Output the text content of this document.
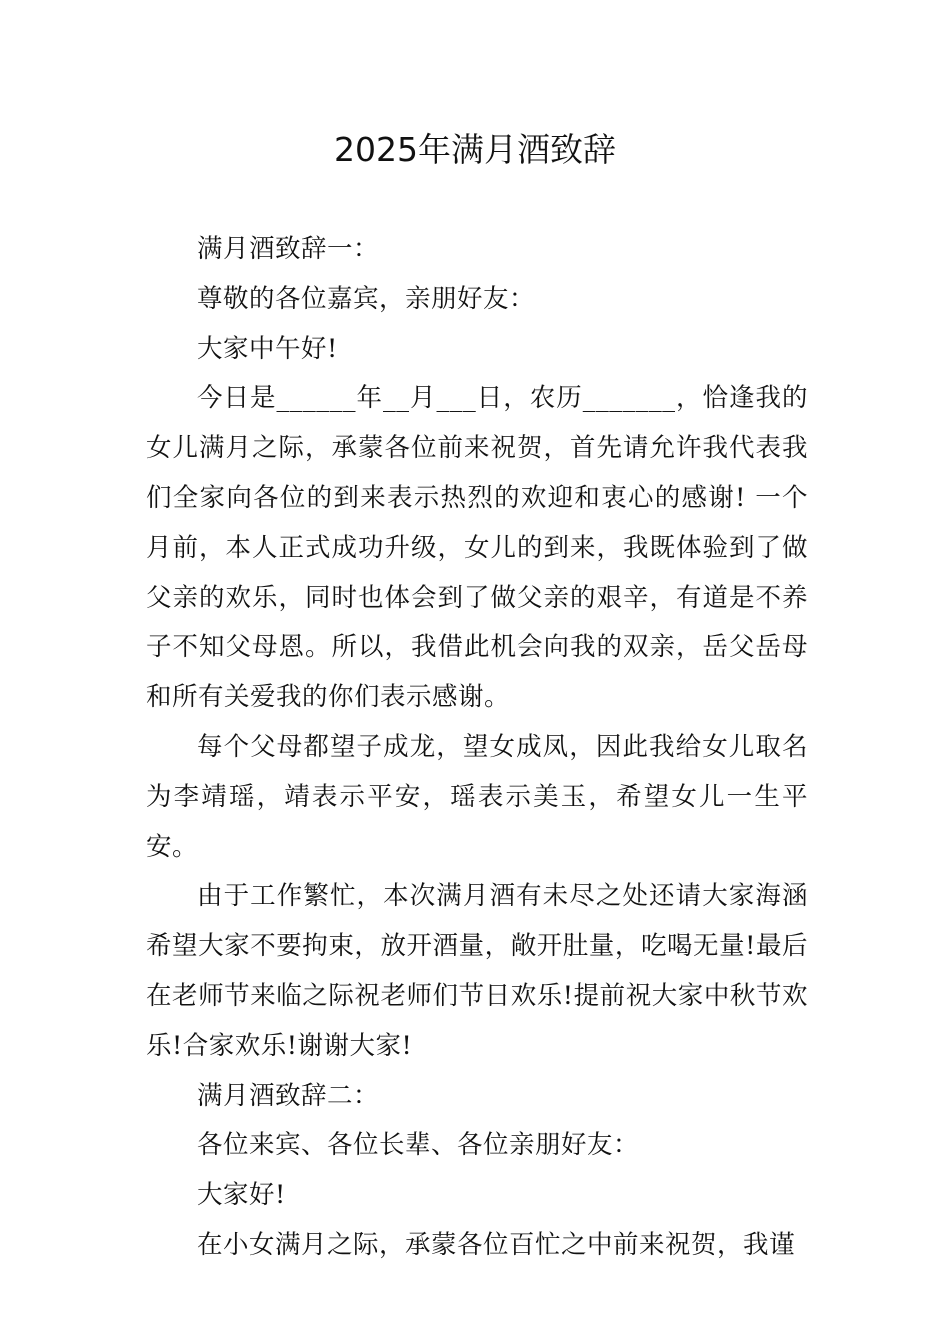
2025年满月酒致辞

满月酒致辞一：

尊敬的各位嘉宾，亲朋好友：

大家中午好!

今日是______年__月___日，农历_______，恰逢我的女儿满月之际，承蒙各位前来祝贺，首先请允许我代表我们全家向各位的到来表示热烈的欢迎和衷心的感谢! 一个月前，本人正式成功升级，女儿的到来，我既体验到了做父亲的欢乐，同时也体会到了做父亲的艰辛，有道是不养子不知父母恩。所以，我借此机会向我的双亲，岳父岳母和所有关爱我的你们表示感谢。

每个父母都望子成龙，望女成凤，因此我给女儿取名为李靖瑶，靖表示平安，瑶表示美玉，希望女儿一生平安。

由于工作繁忙，本次满月酒有未尽之处还请大家海涵希望大家不要拘束，放开酒量，敞开肚量，吃喝无量!最后在老师节来临之际祝老师们节日欢乐!提前祝大家中秋节欢乐!合家欢乐!谢谢大家!

满月酒致辞二：

各位来宾、各位长辈、各位亲朋好友：

大家好!

在小女满月之际，承蒙各位百忙之中前来祝贺，我谨
